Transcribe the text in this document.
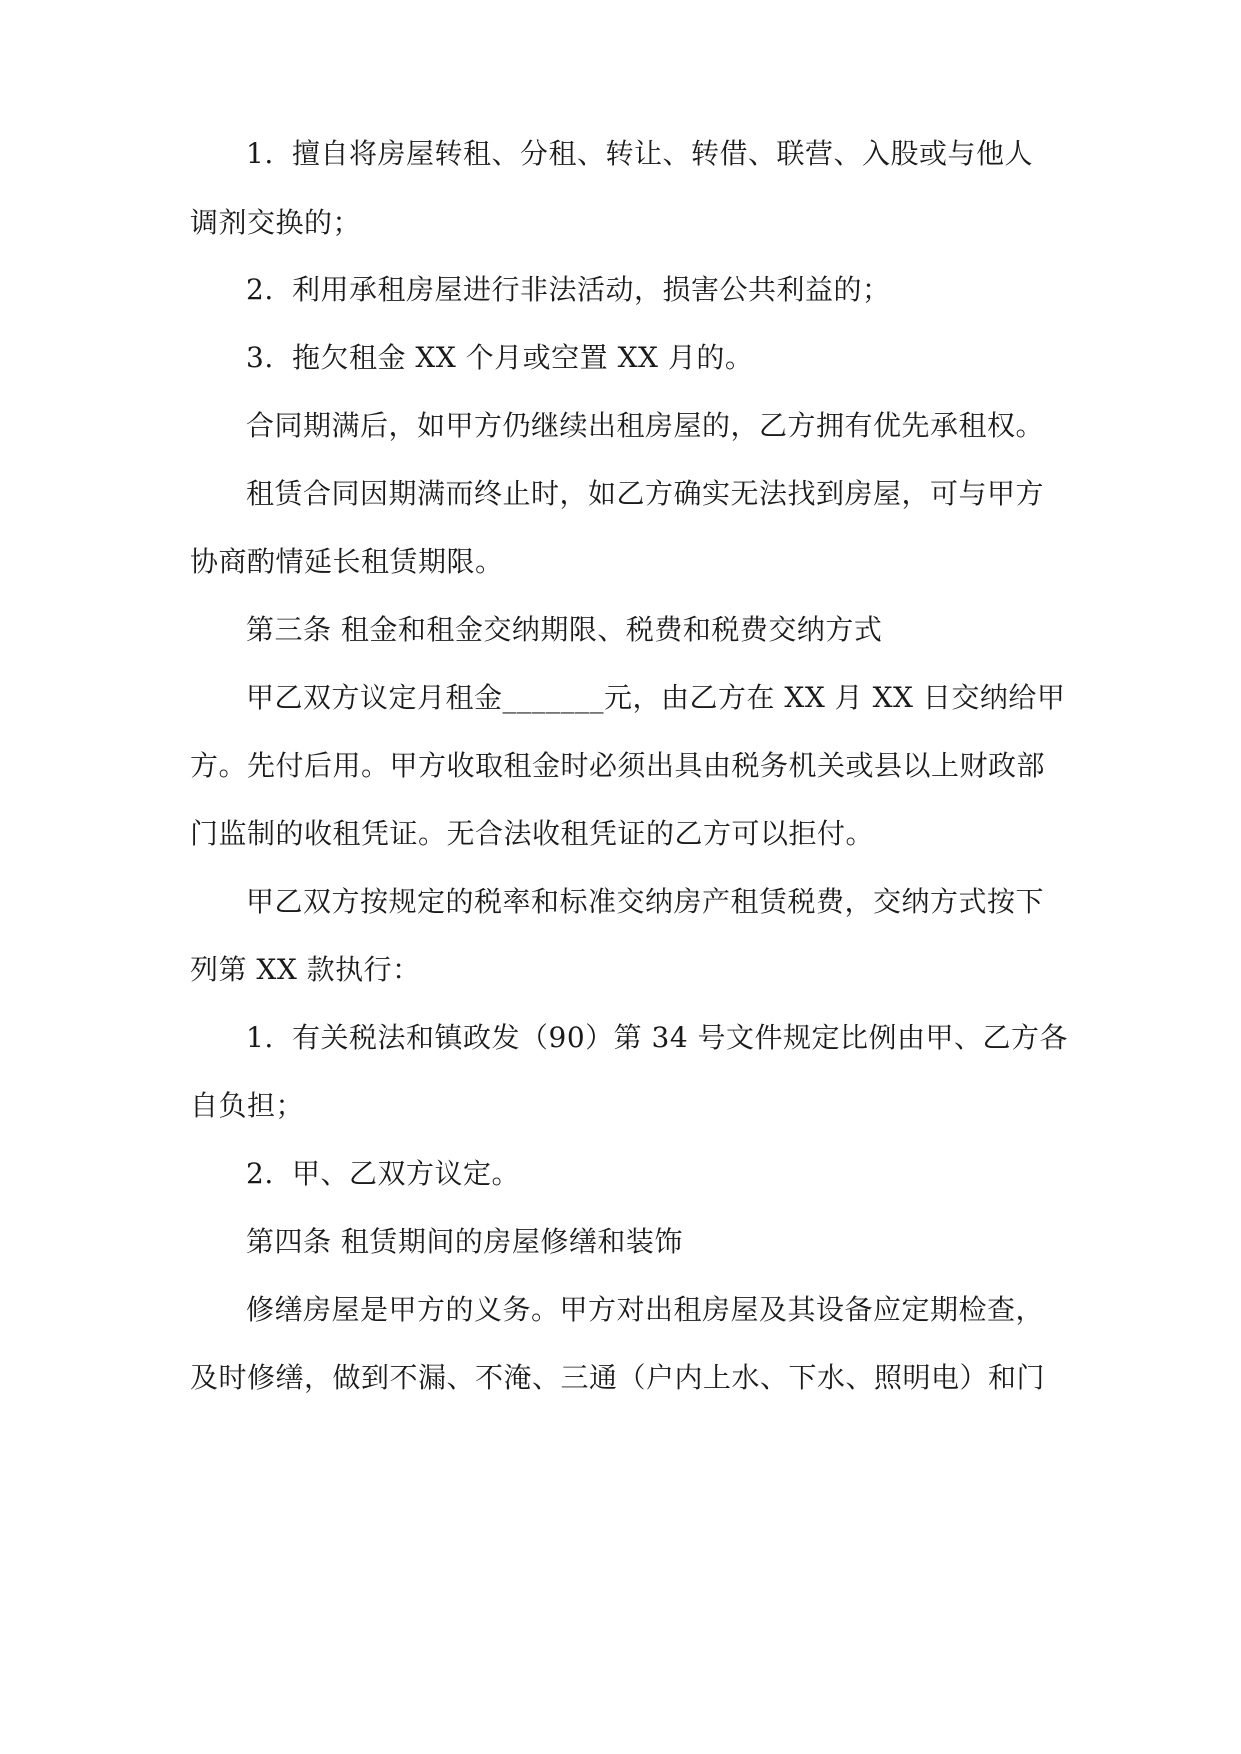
1. 擅自将房屋转租、分租、转让、转借、联营、入股或与他人

调剂交换的；

2. 利用承租房屋进行非法活动，损害公共利益的；

3. 拖欠租金 XX 个月或空置 XX 月的。

合同期满后，如甲方仍继续出租房屋的，乙方拥有优先承租权。

租赁合同因期满而终止时，如乙方确实无法找到房屋，可与甲方

协商酌情延长租赁期限。

第三条 租金和租金交纳期限、税费和税费交纳方式

甲乙双方议定月租金_______元，由乙方在 XX 月 XX 日交纳给甲

方。先付后用。甲方收取租金时必须出具由税务机关或县以上财政部

门监制的收租凭证。无合法收租凭证的乙方可以拒付。

甲乙双方按规定的税率和标准交纳房产租赁税费，交纳方式按下

列第 XX 款执行：

1. 有关税法和镇政发（90）第 34 号文件规定比例由甲、乙方各

自负担；

2. 甲、乙双方议定。

第四条 租赁期间的房屋修缮和装饰

修缮房屋是甲方的义务。甲方对出租房屋及其设备应定期检查，

及时修缮，做到不漏、不淹、三通（户内上水、下水、照明电）和门
